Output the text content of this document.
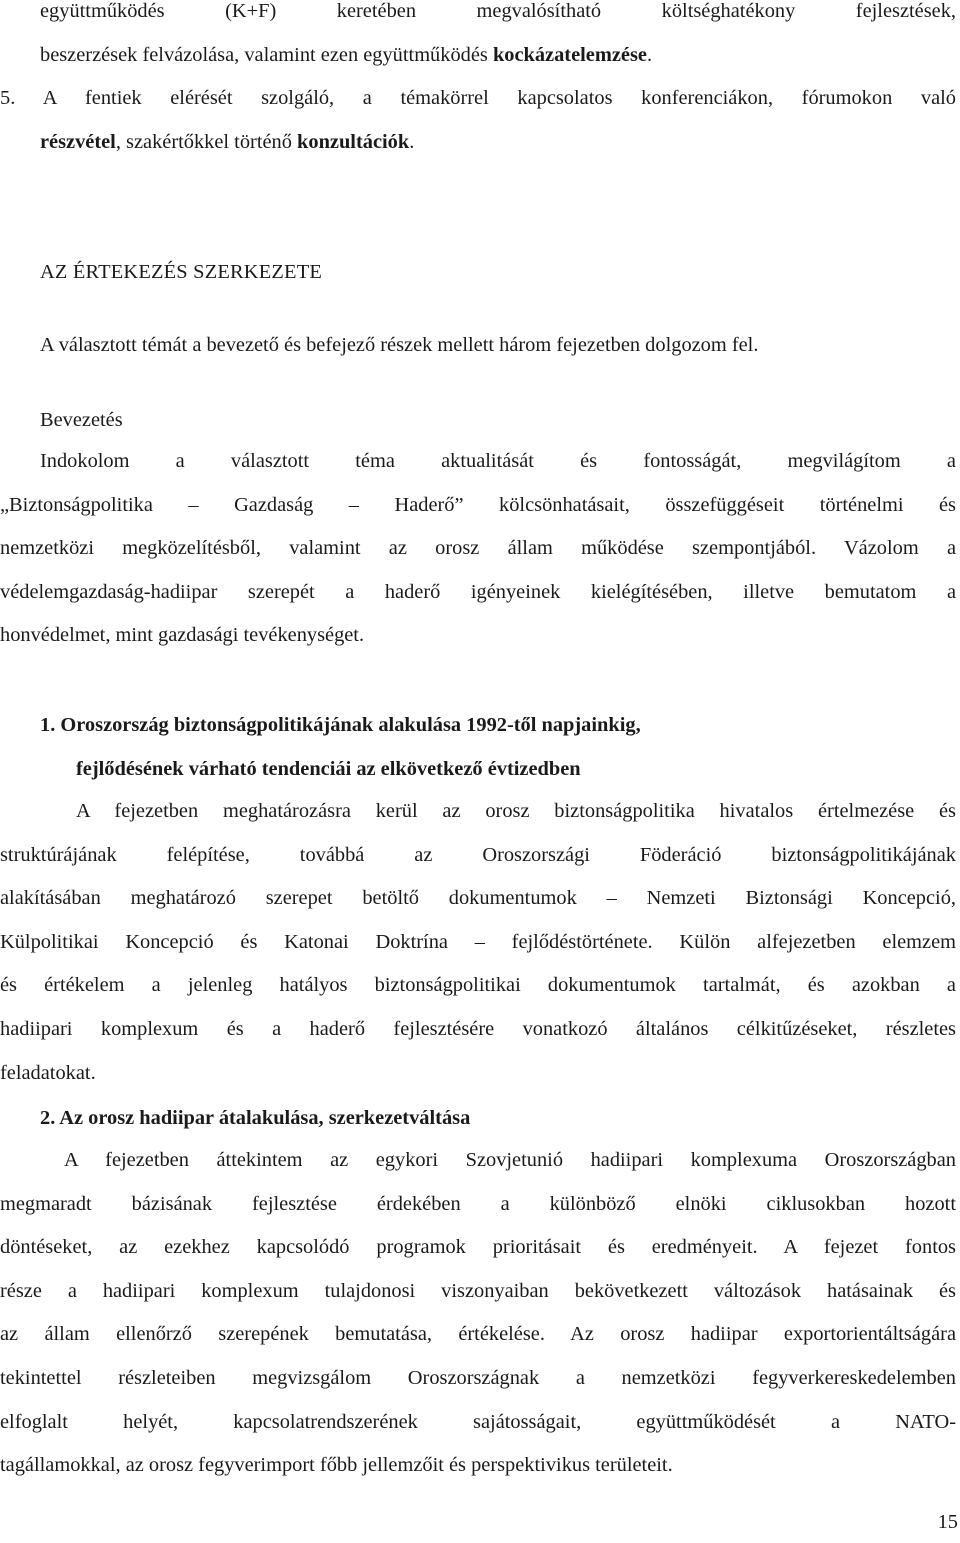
együttműködés (K+F) keretében megvalósítható költséghatékony fejlesztések,
beszerzések felvázolása, valamint ezen együttműködés kockázatelemzése.
5. A fentiek elérését szolgáló, a témakörrel kapcsolatos konferenciákon, fórumokon való
részvétel, szakértőkkel történő konzultációk.
AZ ÉRTEKEZÉS SZERKEZETE
A választott témát a bevezető és befejező részek mellett három fejezetben dolgozom fel.
Bevezetés
Indokolom a választott téma aktualitását és fontosságát, megvilágítom a
„Biztonságpolitika – Gazdaság – Haderő” kölcsönhatásait, összefüggéseit történelmi és
nemzetközi megközelítésből, valamint az orosz állam működése szempontjából. Vázolom a
védelemgazdaság-hadiipar szerepét a haderő igényeinek kielégítésében, illetve bemutatom a
honvédelmet, mint gazdasági tevékenységet.
1. Oroszország biztonságpolitikájának alakulása 1992-től napjainkig,
fejlődésének várható tendenciái az elkövetkező évtizedben
A fejezetben meghatározásra kerül az orosz biztonságpolitika hivatalos értelmezése és
struktúrájának felépítése, továbbá az Oroszországi Föderáció biztonságpolitikájának
alakításában meghatározó szerepet betöltő dokumentumok – Nemzeti Biztonsági Koncepció,
Külpolitikai Koncepció és Katonai Doktrína – fejlődéstörténete. Külön alfejezetben elemzem
és értékelem a jelenleg hatályos biztonságpolitikai dokumentumok tartalmát, és azokban a
hadiipari komplexum és a haderő fejlesztésére vonatkozó általános célkitűzéseket, részletes
feladatokat.
2. Az orosz hadiipar átalakulása, szerkezetváltása
A fejezetben áttekintem az egykori Szovjetunió hadiipari komplexuma Oroszországban
megmaradt bázisának fejlesztése érdekében a különböző elnöki ciklusokban hozott
döntéseket, az ezekhez kapcsolódó programok prioritásait és eredményeit. A fejezet fontos
része a hadiipari komplexum tulajdonosi viszonyaiban bekövetkezett változások hatásainak és
az állam ellenőrző szerepének bemutatása, értékelése. Az orosz hadiipar exportorientáltságára
tekintettel részleteiben megvizsgálom Oroszországnak a nemzetközi fegyverkereskedelemben
elfoglalt helyét, kapcsolatrendszerének sajátosságait, együttműködését a NATO-
tagállamokkal, az orosz fegyverimport főbb jellemzőit és perspektivikus területeit.
15
